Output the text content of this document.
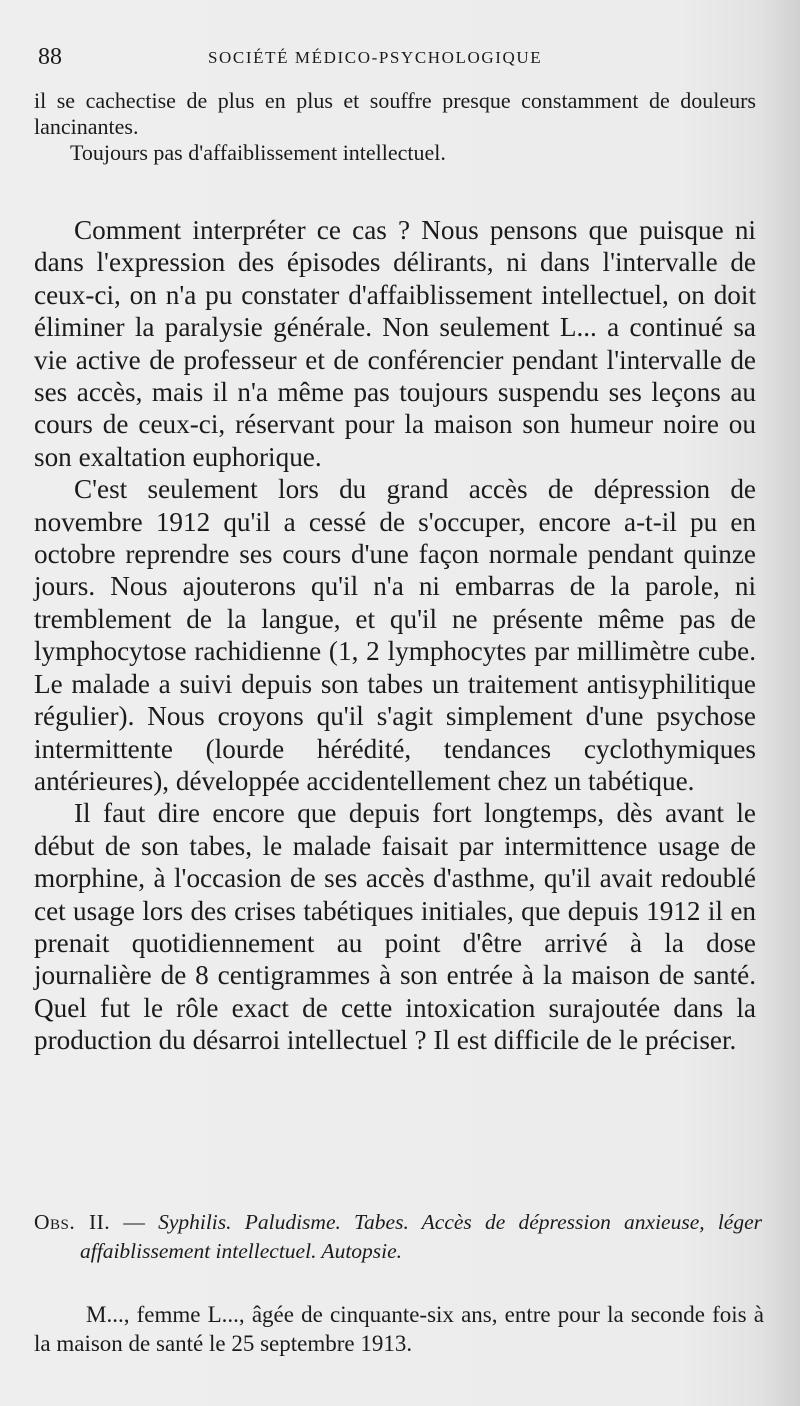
88	SOCIÉTÉ MÉDICO-PSYCHOLOGIQUE

il se cachectise de plus en plus et souffre presque constamment de douleurs lancinantes.

Toujours pas d'affaiblissement intellectuel.

Comment interpréter ce cas ? Nous pensons que puisque ni dans l'expression des épisodes délirants, ni dans l'intervalle de ceux-ci, on n'a pu constater d'affaiblissement intellectuel, on doit éliminer la paralysie générale. Non seulement L... a continué sa vie active de professeur et de conférencier pendant l'intervalle de ses accès, mais il n'a même pas toujours suspendu ses leçons au cours de ceux-ci, réservant pour la maison son humeur noire ou son exaltation euphorique.

C'est seulement lors du grand accès de dépression de novembre 1912 qu'il a cessé de s'occuper, encore a-t-il pu en octobre reprendre ses cours d'une façon normale pendant quinze jours. Nous ajouterons qu'il n'a ni embarras de la parole, ni tremblement de la langue, et qu'il ne présente même pas de lymphocytose rachidienne (1, 2 lymphocytes par millimètre cube. Le malade a suivi depuis son tabes un traitement antisyphilitique régulier). Nous croyons qu'il s'agit simplement d'une psychose intermittente (lourde hérédité, tendances cyclothymiques antérieures), développée accidentellement chez un tabétique.

Il faut dire encore que depuis fort longtemps, dès avant le début de son tabes, le malade faisait par intermittence usage de morphine, à l'occasion de ses accès d'asthme, qu'il avait redoublé cet usage lors des crises tabétiques initiales, que depuis 1912 il en prenait quotidiennement au point d'être arrivé à la dose journalière de 8 centigrammes à son entrée à la maison de santé. Quel fut le rôle exact de cette intoxication surajoutée dans la production du désarroi intellectuel ? Il est difficile de le préciser.

Obs. II. — Syphilis. Paludisme. Tabes. Accès de dépression anxieuse, léger affaiblissement intellectuel. Autopsie.

M..., femme L..., âgée de cinquante-six ans, entre pour la seconde fois à la maison de santé le 25 septembre 1913.
